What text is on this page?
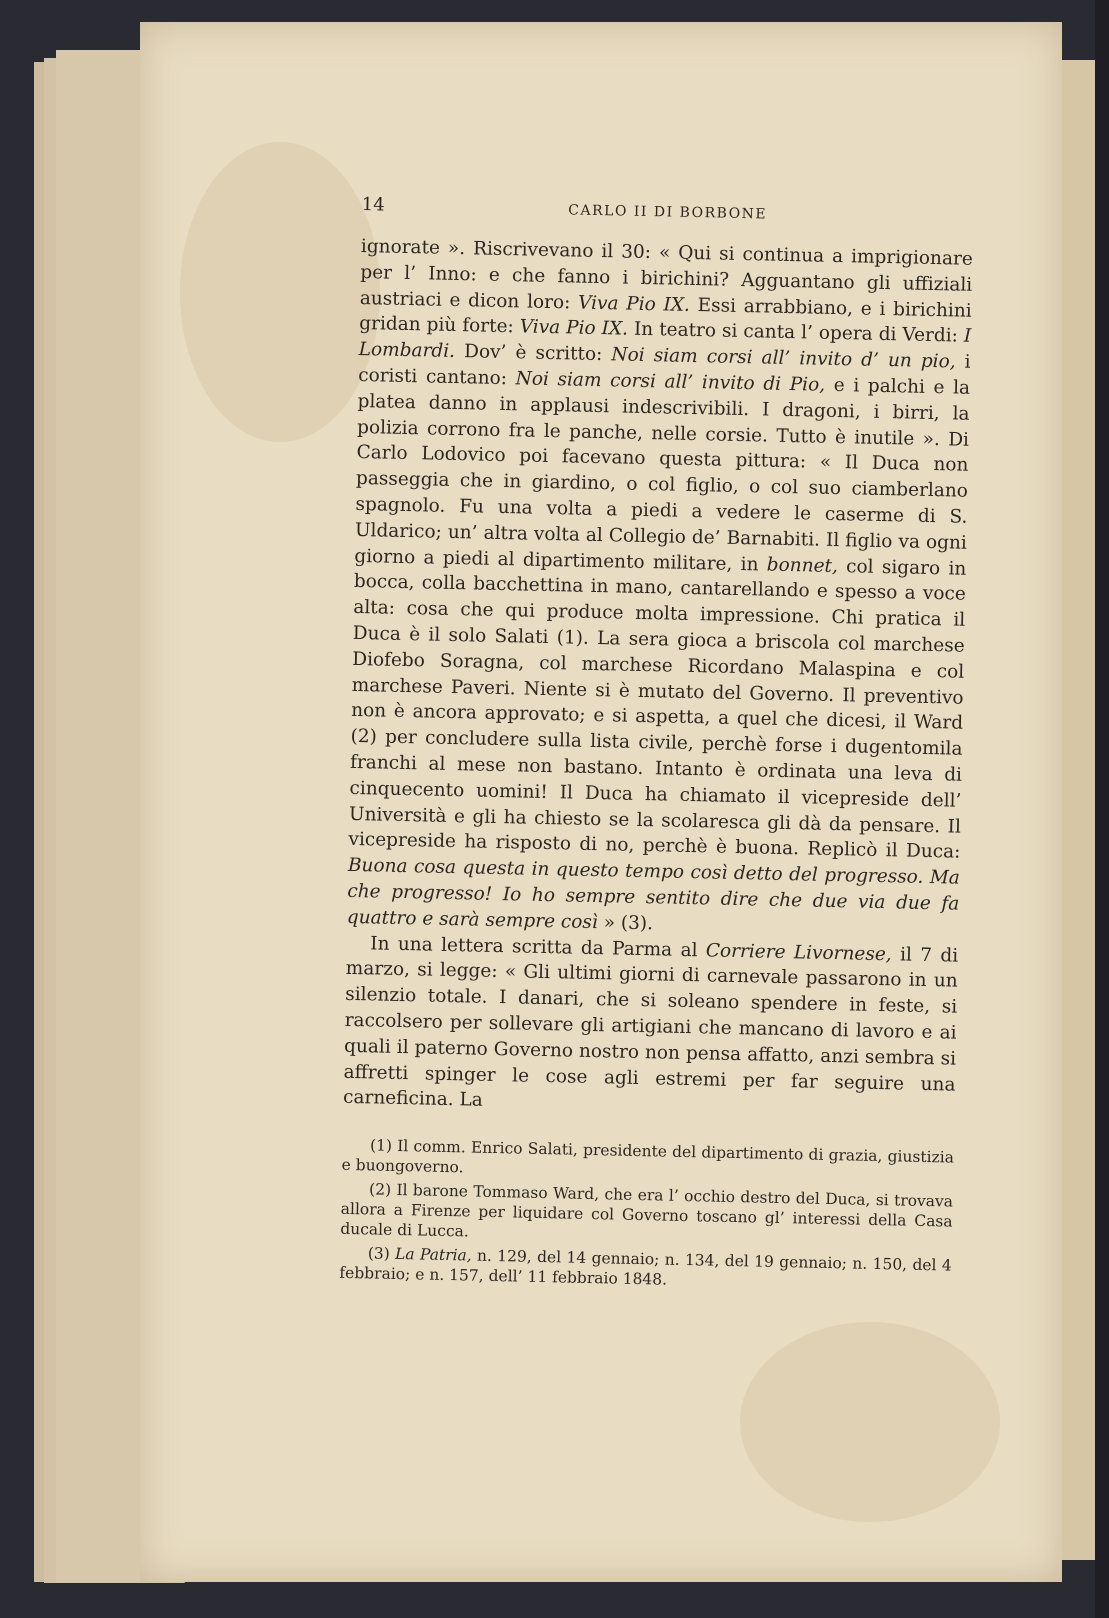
14	CARLO II DI BORBONE

ignorate ». Riscrivevano il 30: « Qui si continua a imprigionare per l’ Inno: e che fanno i birichini? Agguantano gli uffiziali austriaci e dicon loro: Viva Pio IX. Essi arrabbiano, e i birichini gridan più forte: Viva Pio IX. In teatro si canta l’ opera di Verdi: I Lombardi. Dov’ è scritto: Noi siam corsi all’ invito d’ un pio, i coristi cantano: Noi siam corsi all’ invito di Pio, e i palchi e la platea danno in applausi indescrivibili. I dragoni, i birri, la polizia corrono fra le panche, nelle corsie. Tutto è inutile ». Di Carlo Lodovico poi facevano questa pittura: « Il Duca non passeggia che in giardino, o col figlio, o col suo ciamberlano spagnolo. Fu una volta a piedi a vedere le caserme di S. Uldarico; un’ altra volta al Collegio de’ Barnabiti. Il figlio va ogni giorno a piedi al dipartimento militare, in bonnet, col sigaro in bocca, colla bacchettina in mano, cantarellando e spesso a voce alta: cosa che qui produce molta impressione. Chi pratica il Duca è il solo Salati (1). La sera gioca a briscola col marchese Diofebo Soragna, col marchese Ricordano Malaspina e col marchese Paveri. Niente si è mutato del Governo. Il preventivo non è ancora approvato; e si aspetta, a quel che dicesi, il Ward (2) per concludere sulla lista civile, perchè forse i dugentomila franchi al mese non bastano. Intanto è ordinata una leva di cinquecento uomini! Il Duca ha chiamato il vicepreside dell’ Università e gli ha chiesto se la scolaresca gli dà da pensare. Il vicepreside ha risposto di no, perchè è buona. Replicò il Duca: Buona cosa questa in questo tempo così detto del progresso. Ma che progresso! Io ho sempre sentito dire che due via due fa quattro e sarà sempre così » (3).

In una lettera scritta da Parma al Corriere Livornese, il 7 di marzo, si legge: « Gli ultimi giorni di carnevale passarono in un silenzio totale. I danari, che si soleano spendere in feste, si raccolsero per sollevare gli artigiani che mancano di lavoro e ai quali il paterno Governo nostro non pensa affatto, anzi sembra si affretti spinger le cose agli estremi per far seguire una carneficina. La

(1) Il comm. Enrico Salati, presidente del dipartimento di grazia, giustizia e buongoverno.

(2) Il barone Tommaso Ward, che era l’ occhio destro del Duca, si trovava allora a Firenze per liquidare col Governo toscano gl’ interessi della Casa ducale di Lucca.

(3) La Patria, n. 129, del 14 gennaio; n. 134, del 19 gennaio; n. 150, del 4 febbraio; e n. 157, dell’ 11 febbraio 1848.
